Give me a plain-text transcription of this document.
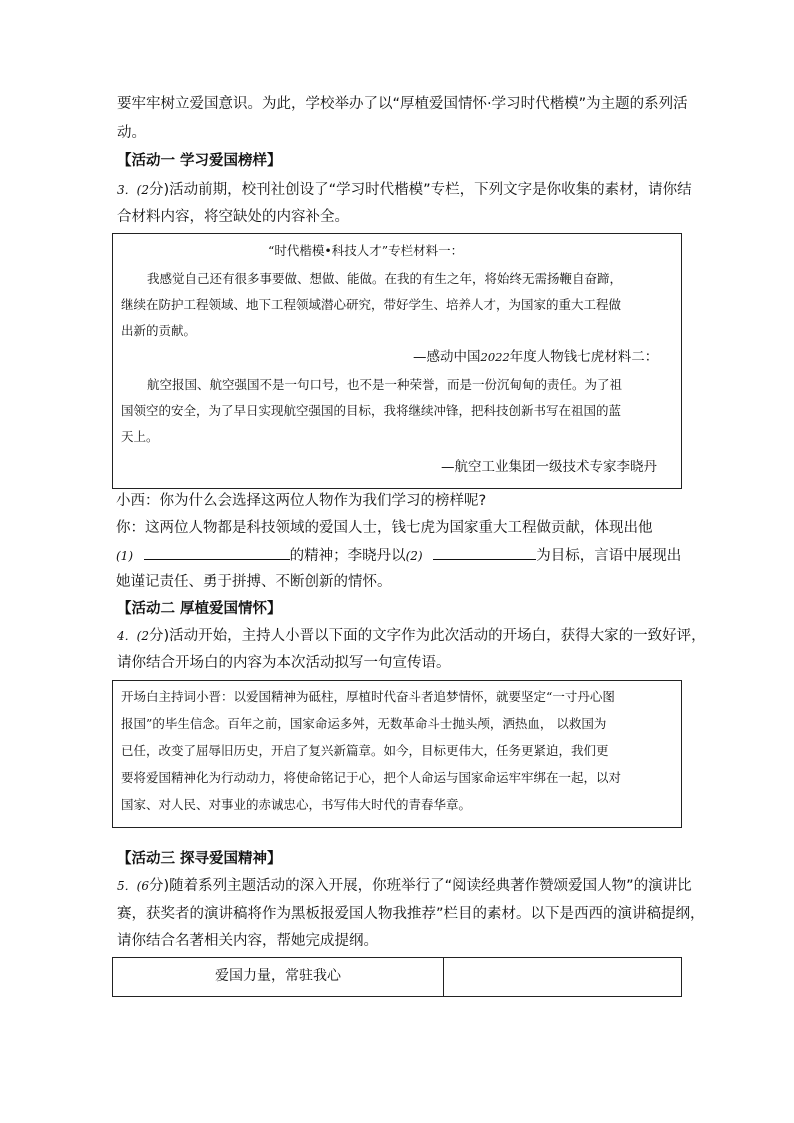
要牢牢树立爱国意识。为此，学校举办了以“厚植爱国情怀·学习时代楷模”为主题的系列活
动。
【活动一 学习爱国榜样】
3．(2分)活动前期，校刊社创设了“学习时代楷模”专栏，下列文字是你收集的素材，请你结
合材料内容，将空缺处的内容补全。
“时代楷模•科技人才”专栏材料一：
我感觉自己还有很多事要做、想做、能做。在我的有生之年，将始终无需扬鞭自奋蹄，
继续在防护工程领域、地下工程领域潜心研究，带好学生、培养人才，为国家的重大工程做
出新的贡献。
—感动中国2022年度人物钱七虎材料二：
航空报国、航空强国不是一句口号，也不是一种荣誉，而是一份沉甸甸的责任。为了祖
国领空的安全，为了早日实现航空强国的目标，我将继续冲锋，把科技创新书写在祖国的蓝
天上。
—航空工业集团一级技术专家李晓丹
小西：你为什么会选择这两位人物作为我们学习的榜样呢?
你：这两位人物都是科技领域的爱国人士，钱七虎为国家重大工程做贡献，体现出他
(1)	的精神；李晓丹以(2)	为目标，言语中展现出
她谨记责任、勇于拼搏、不断创新的情怀。
【活动二 厚植爱国情怀】
4．(2分)活动开始，主持人小晋以下面的文字作为此次活动的开场白，获得大家的一致好评，
请你结合开场白的内容为本次活动拟写一句宣传语。
开场白主持词小晋：以爱国精神为砥柱，厚植时代奋斗者追梦情怀，就要坚定“一寸丹心图
报国”的毕生信念。百年之前，国家命运多舛，无数革命斗士抛头颅，洒热血， 以救国为
已任，改变了屈辱旧历史，开启了复兴新篇章。如今，目标更伟大，任务更紧迫，我们更
要将爱国精神化为行动动力，将使命铭记于心，把个人命运与国家命运牢牢绑在一起，以对
国家、对人民、对事业的赤诚忠心，书写伟大时代的青春华章。
【活动三 探寻爱国精神】
5．(6分)随着系列主题活动的深入开展，你班举行了“阅读经典著作赞颂爱国人物”的演讲比
赛，获奖者的演讲稿将作为黑板报爱国人物我推荐”栏目的素材。以下是西西的演讲稿提纲，
请你结合名著相关内容，帮她完成提纲。
爱国力量，常驻我心
